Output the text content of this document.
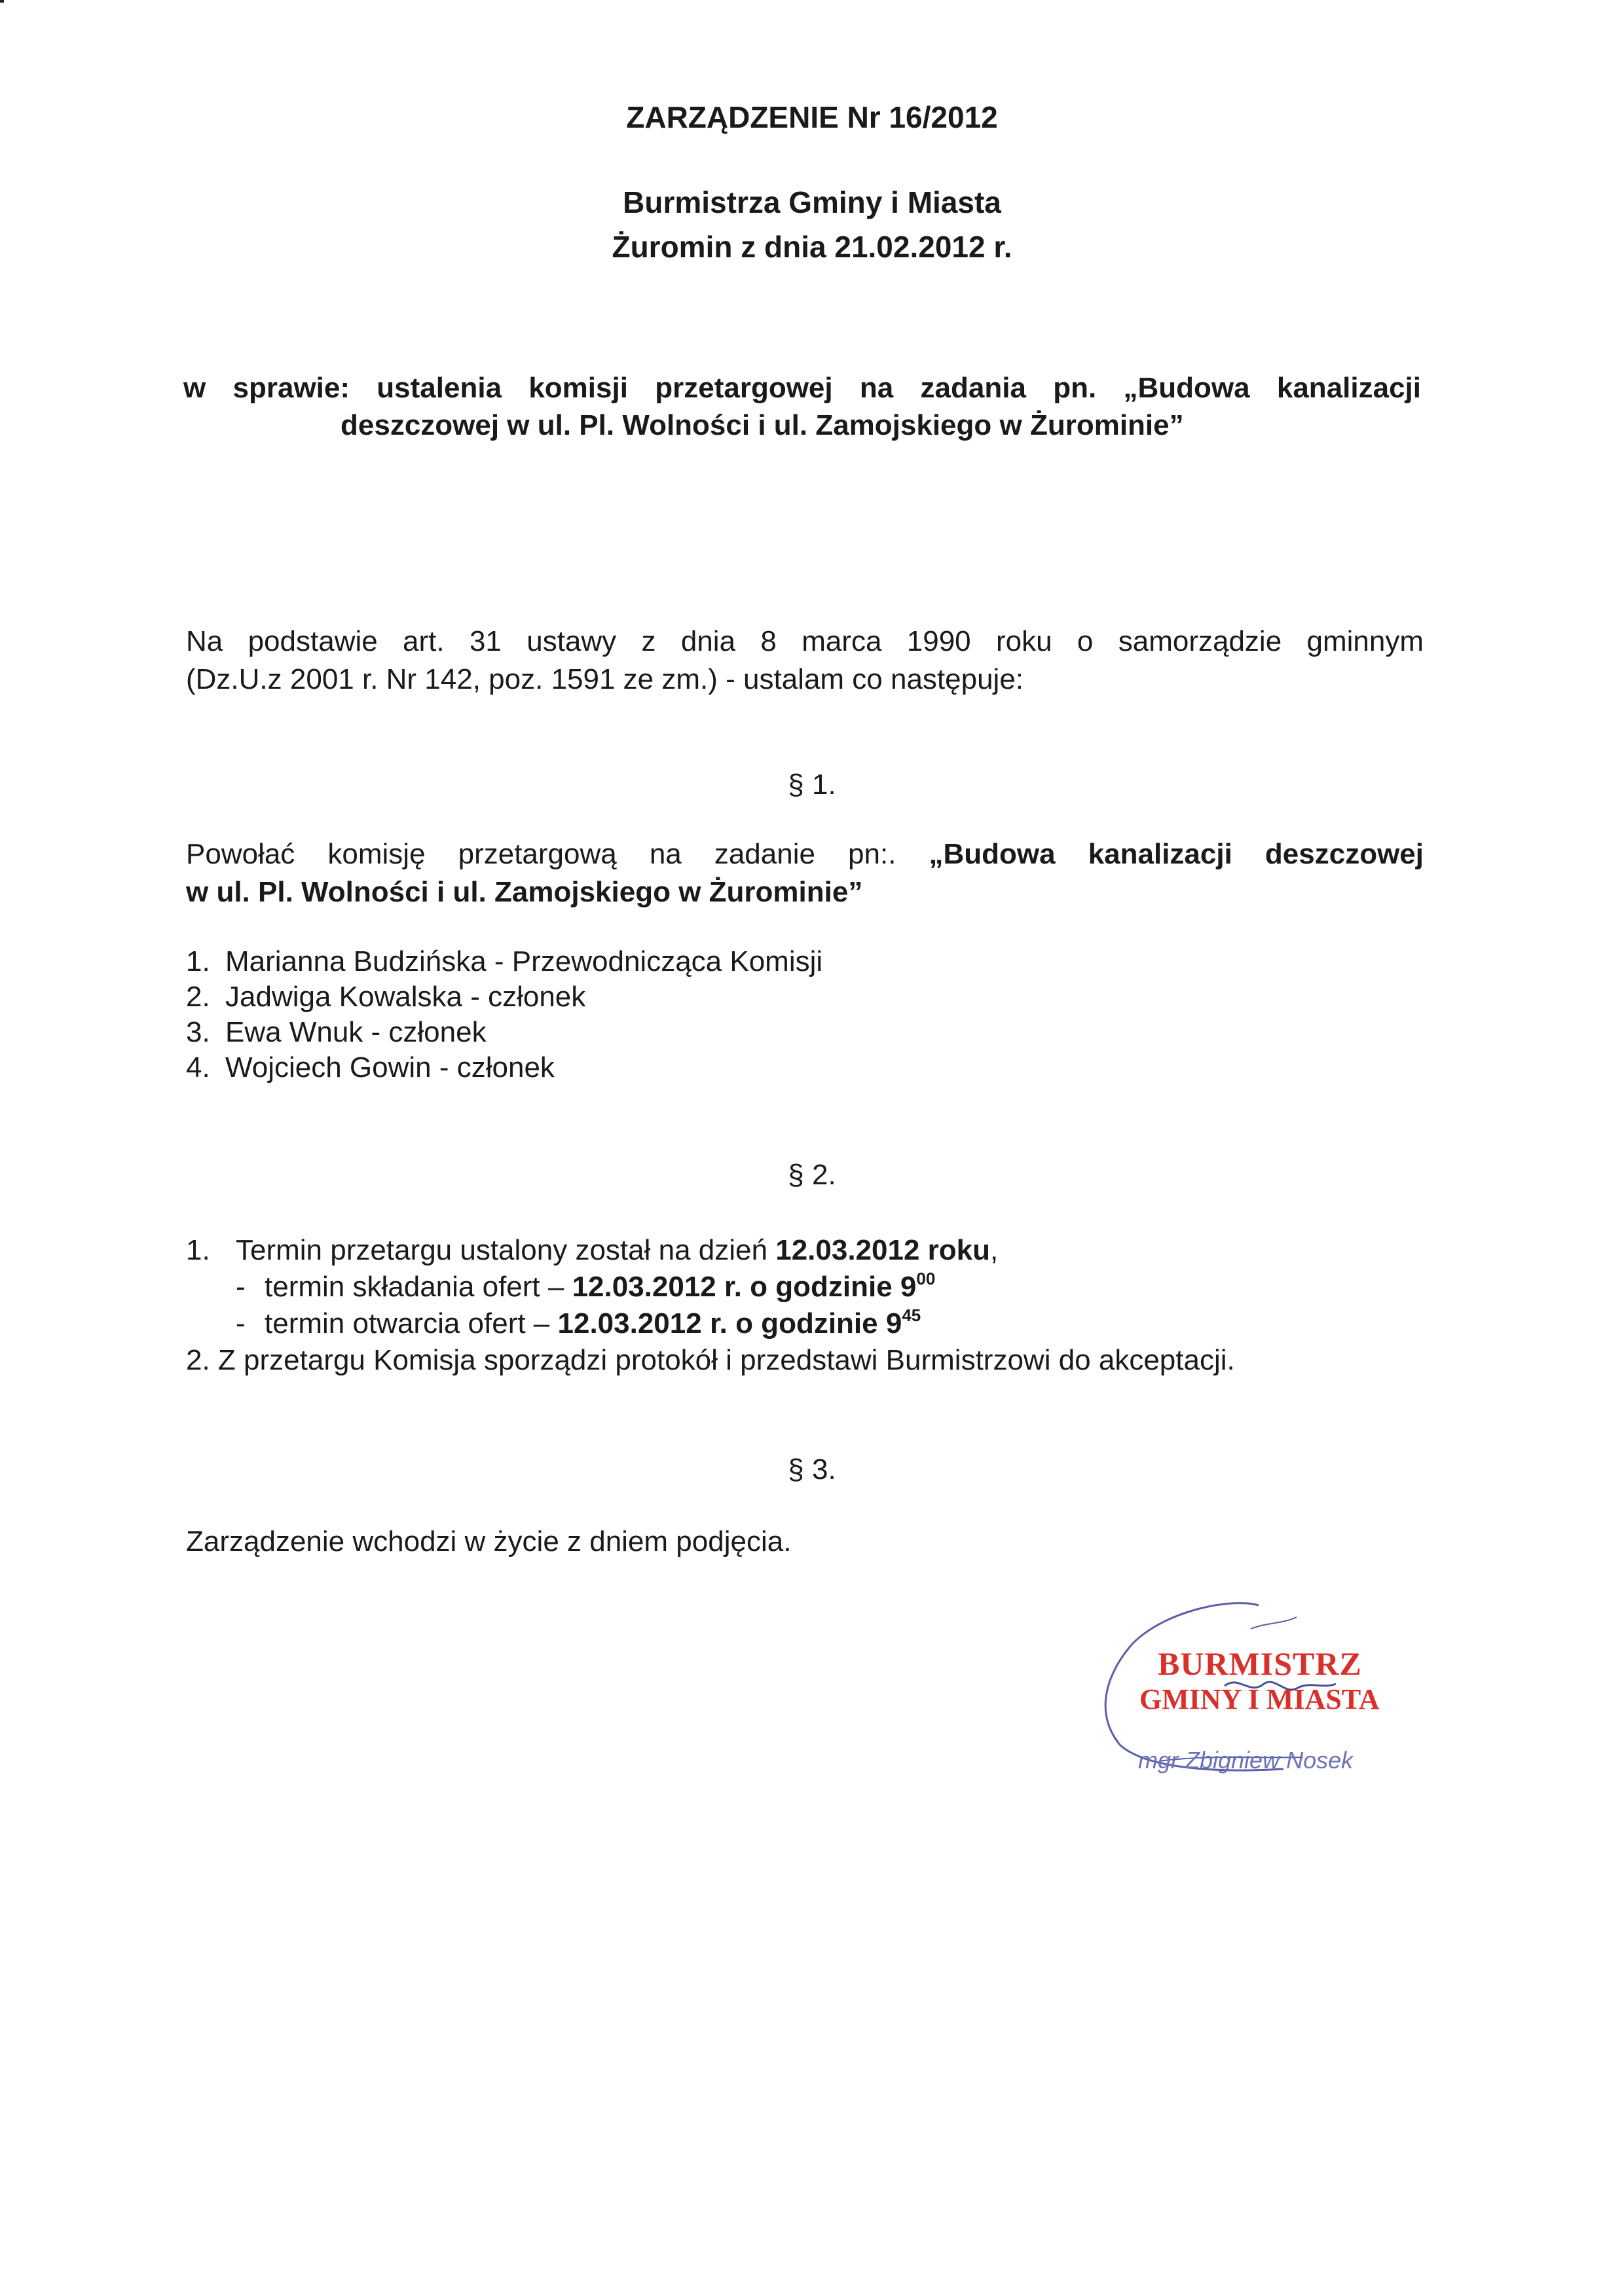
ZARZĄDZENIE Nr 16/2012
Burmistrza Gminy i Miasta
Żuromin z dnia 21.02.2012 r.
w sprawie: ustalenia komisji przetargowej na zadania pn. „Budowa kanalizacji
deszczowej w ul. Pl. Wolności i ul. Zamojskiego w Żurominie”
Na podstawie art. 31 ustawy z dnia 8 marca 1990 roku o samorządzie gminnym
(Dz.U.z 2001 r. Nr 142, poz. 1591 ze zm.) - ustalam co następuje:
§ 1.
Powołać komisję przetargową na zadanie pn:. „Budowa kanalizacji deszczowej
w ul. Pl. Wolności i ul. Zamojskiego w Żurominie”
1. Marianna Budzińska - Przewodnicząca Komisji
2. Jadwiga Kowalska - członek
3. Ewa Wnuk - członek
4. Wojciech Gowin - członek
§ 2.
1. Termin przetargu ustalony został na dzień 12.03.2012 roku,
- termin składania ofert – 12.03.2012 r. o godzinie $9^{00}$
- termin otwarcia ofert – 12.03.2012 r. o godzinie $9^{45}$
2. Z przetargu Komisja sporządzi protokół i przedstawi Burmistrzowi do akceptacji.
§ 3.
Zarządzenie wchodzi w życie z dniem podjęcia.
BURMISTRZ
GMINY I MIASTA
mgr Zbigniew Nosek
